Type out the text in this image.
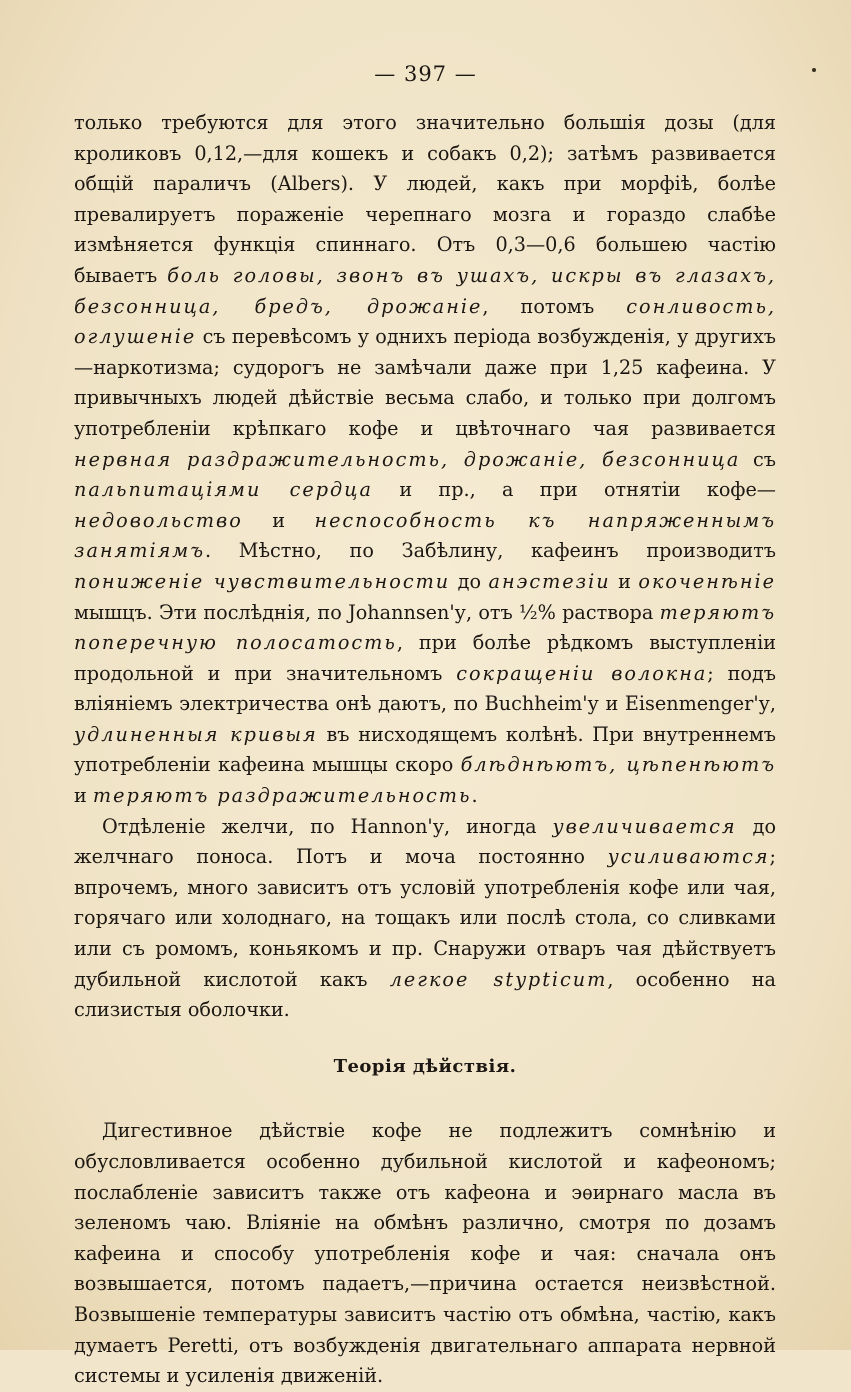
— 397 —

только требуются для этого значительно большія дозы (для кроликовъ 0,12,—для кошекъ и собакъ 0,2); затѣмъ развивается общій параличъ (Albers). У людей, какъ при морфіѣ, болѣе превалируетъ пораженіе черепнаго мозга и гораздо слабѣе измѣняется функція спиннаго. Отъ 0,3—0,6 большею частію бываетъ боль головы, звонъ въ ушахъ, искры въ глазахъ, безсонница, бредъ, дрожаніе, потомъ сонливость, оглушеніе съ перевѣсомъ у однихъ періода возбужденія, у другихъ—наркотизма; судорогъ не замѣчали даже при 1,25 кафеина. У привычныхъ людей дѣйствіе весьма слабо, и только при долгомъ употребленіи крѣпкаго кофе и цвѣточнаго чая развивается нервная раздражительность, дрожаніе, безсонница съ пальпитаціями сердца и пр., а при отнятіи кофе—недовольство и неспособность къ напряженнымъ занятіямъ. Мѣстно, по Забѣлину, кафеинъ производитъ пониженіе чувствительности до анэстезіи и окоченѣніе мышцъ. Эти послѣднія, по Johannsen'у, отъ ½% раствора теряютъ поперечную полосатость, при болѣе рѣдкомъ выступленіи продольной и при значительномъ сокращеніи волокна; подъ вліяніемъ электричества онѣ даютъ, по Buchheim'у и Eisenmenger'у, удлиненныя кривыя въ нисходящемъ колѣнѣ. При внутреннемъ употребленіи кафеина мышцы скоро блѣднѣютъ, цѣпенѣютъ и теряютъ раздражительность.

Отдѣленіе желчи, по Hannon'у, иногда увеличивается до желчнаго поноса. Потъ и моча постоянно усиливаются; впрочемъ, много зависитъ отъ условій употребленія кофе или чая, горячаго или холоднаго, на тощакъ или послѣ стола, со сливками или съ ромомъ, коньякомъ и пр. Снаружи отваръ чая дѣйствуетъ дубильной кислотой какъ легкое stypticum, особенно на слизистыя оболочки.

Теорія дѣйствія.

Дигестивное дѣйствіе кофе не подлежитъ сомнѣнію и обусловливается особенно дубильной кислотой и кафеономъ; послабленіе зависитъ также отъ кафеона и эѳирнаго масла въ зеленомъ чаю. Вліяніе на обмѣнъ различно, смотря по дозамъ кафеина и способу употребленія кофе и чая: сначала онъ возвышается, потомъ падаетъ,—причина остается неизвѣстной. Возвышеніе температуры зависитъ частію отъ обмѣна, частію, какъ думаетъ Peretti, отъ возбужденія двигательнаго аппарата нервной системы и усиленія движеній.
